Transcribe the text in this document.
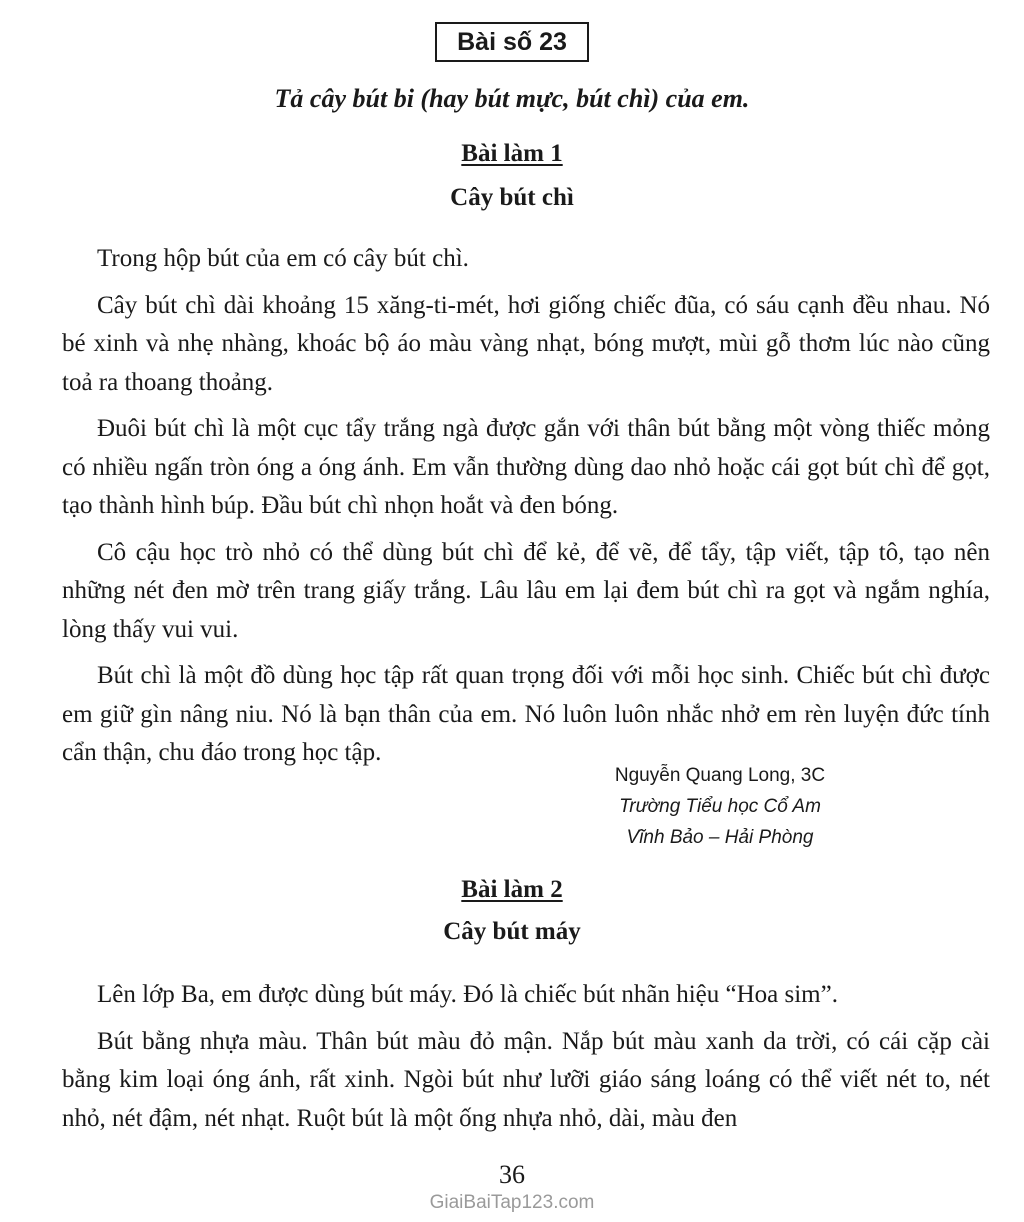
Bài số 23
Tả cây bút bi (hay bút mực, bút chì) của em.
Bài làm 1
Cây bút chì

Trong hộp bút của em có cây bút chì.

Cây bút chì dài khoảng 15 xăng-ti-mét, hơi giống chiếc đũa, có sáu cạnh đều nhau. Nó bé xinh và nhẹ nhàng, khoác bộ áo màu vàng nhạt, bóng mượt, mùi gỗ thơm lúc nào cũng toả ra thoang thoảng.

Đuôi bút chì là một cục tẩy trắng ngà được gắn với thân bút bằng một vòng thiếc mỏng có nhiều ngấn tròn óng a óng ánh. Em vẫn thường dùng dao nhỏ hoặc cái gọt bút chì để gọt, tạo thành hình búp. Đầu bút chì nhọn hoắt và đen bóng.

Cô cậu học trò nhỏ có thể dùng bút chì để kẻ, để vẽ, để tẩy, tập viết, tập tô, tạo nên những nét đen mờ trên trang giấy trắng. Lâu lâu em lại đem bút chì ra gọt và ngắm nghía, lòng thấy vui vui.

Bút chì là một đồ dùng học tập rất quan trọng đối với mỗi học sinh. Chiếc bút chì được em giữ gìn nâng niu. Nó là bạn thân của em. Nó luôn luôn nhắc nhở em rèn luyện đức tính cẩn thận, chu đáo trong học tập.

Nguyễn Quang Long, 3C
Trường Tiểu học Cổ Am
Vĩnh Bảo – Hải Phòng
Bài làm 2
Cây bút máy

Lên lớp Ba, em được dùng bút máy. Đó là chiếc bút nhãn hiệu “Hoa sim”.

Bút bằng nhựa màu. Thân bút màu đỏ mận. Nắp bút màu xanh da trời, có cái cặp cài bằng kim loại óng ánh, rất xinh. Ngòi bút như lưỡi giáo sáng loáng có thể viết nét to, nét nhỏ, nét đậm, nét nhạt. Ruột bút là một ống nhựa nhỏ, dài, màu đen

36
GiaiBaiTap123.com
